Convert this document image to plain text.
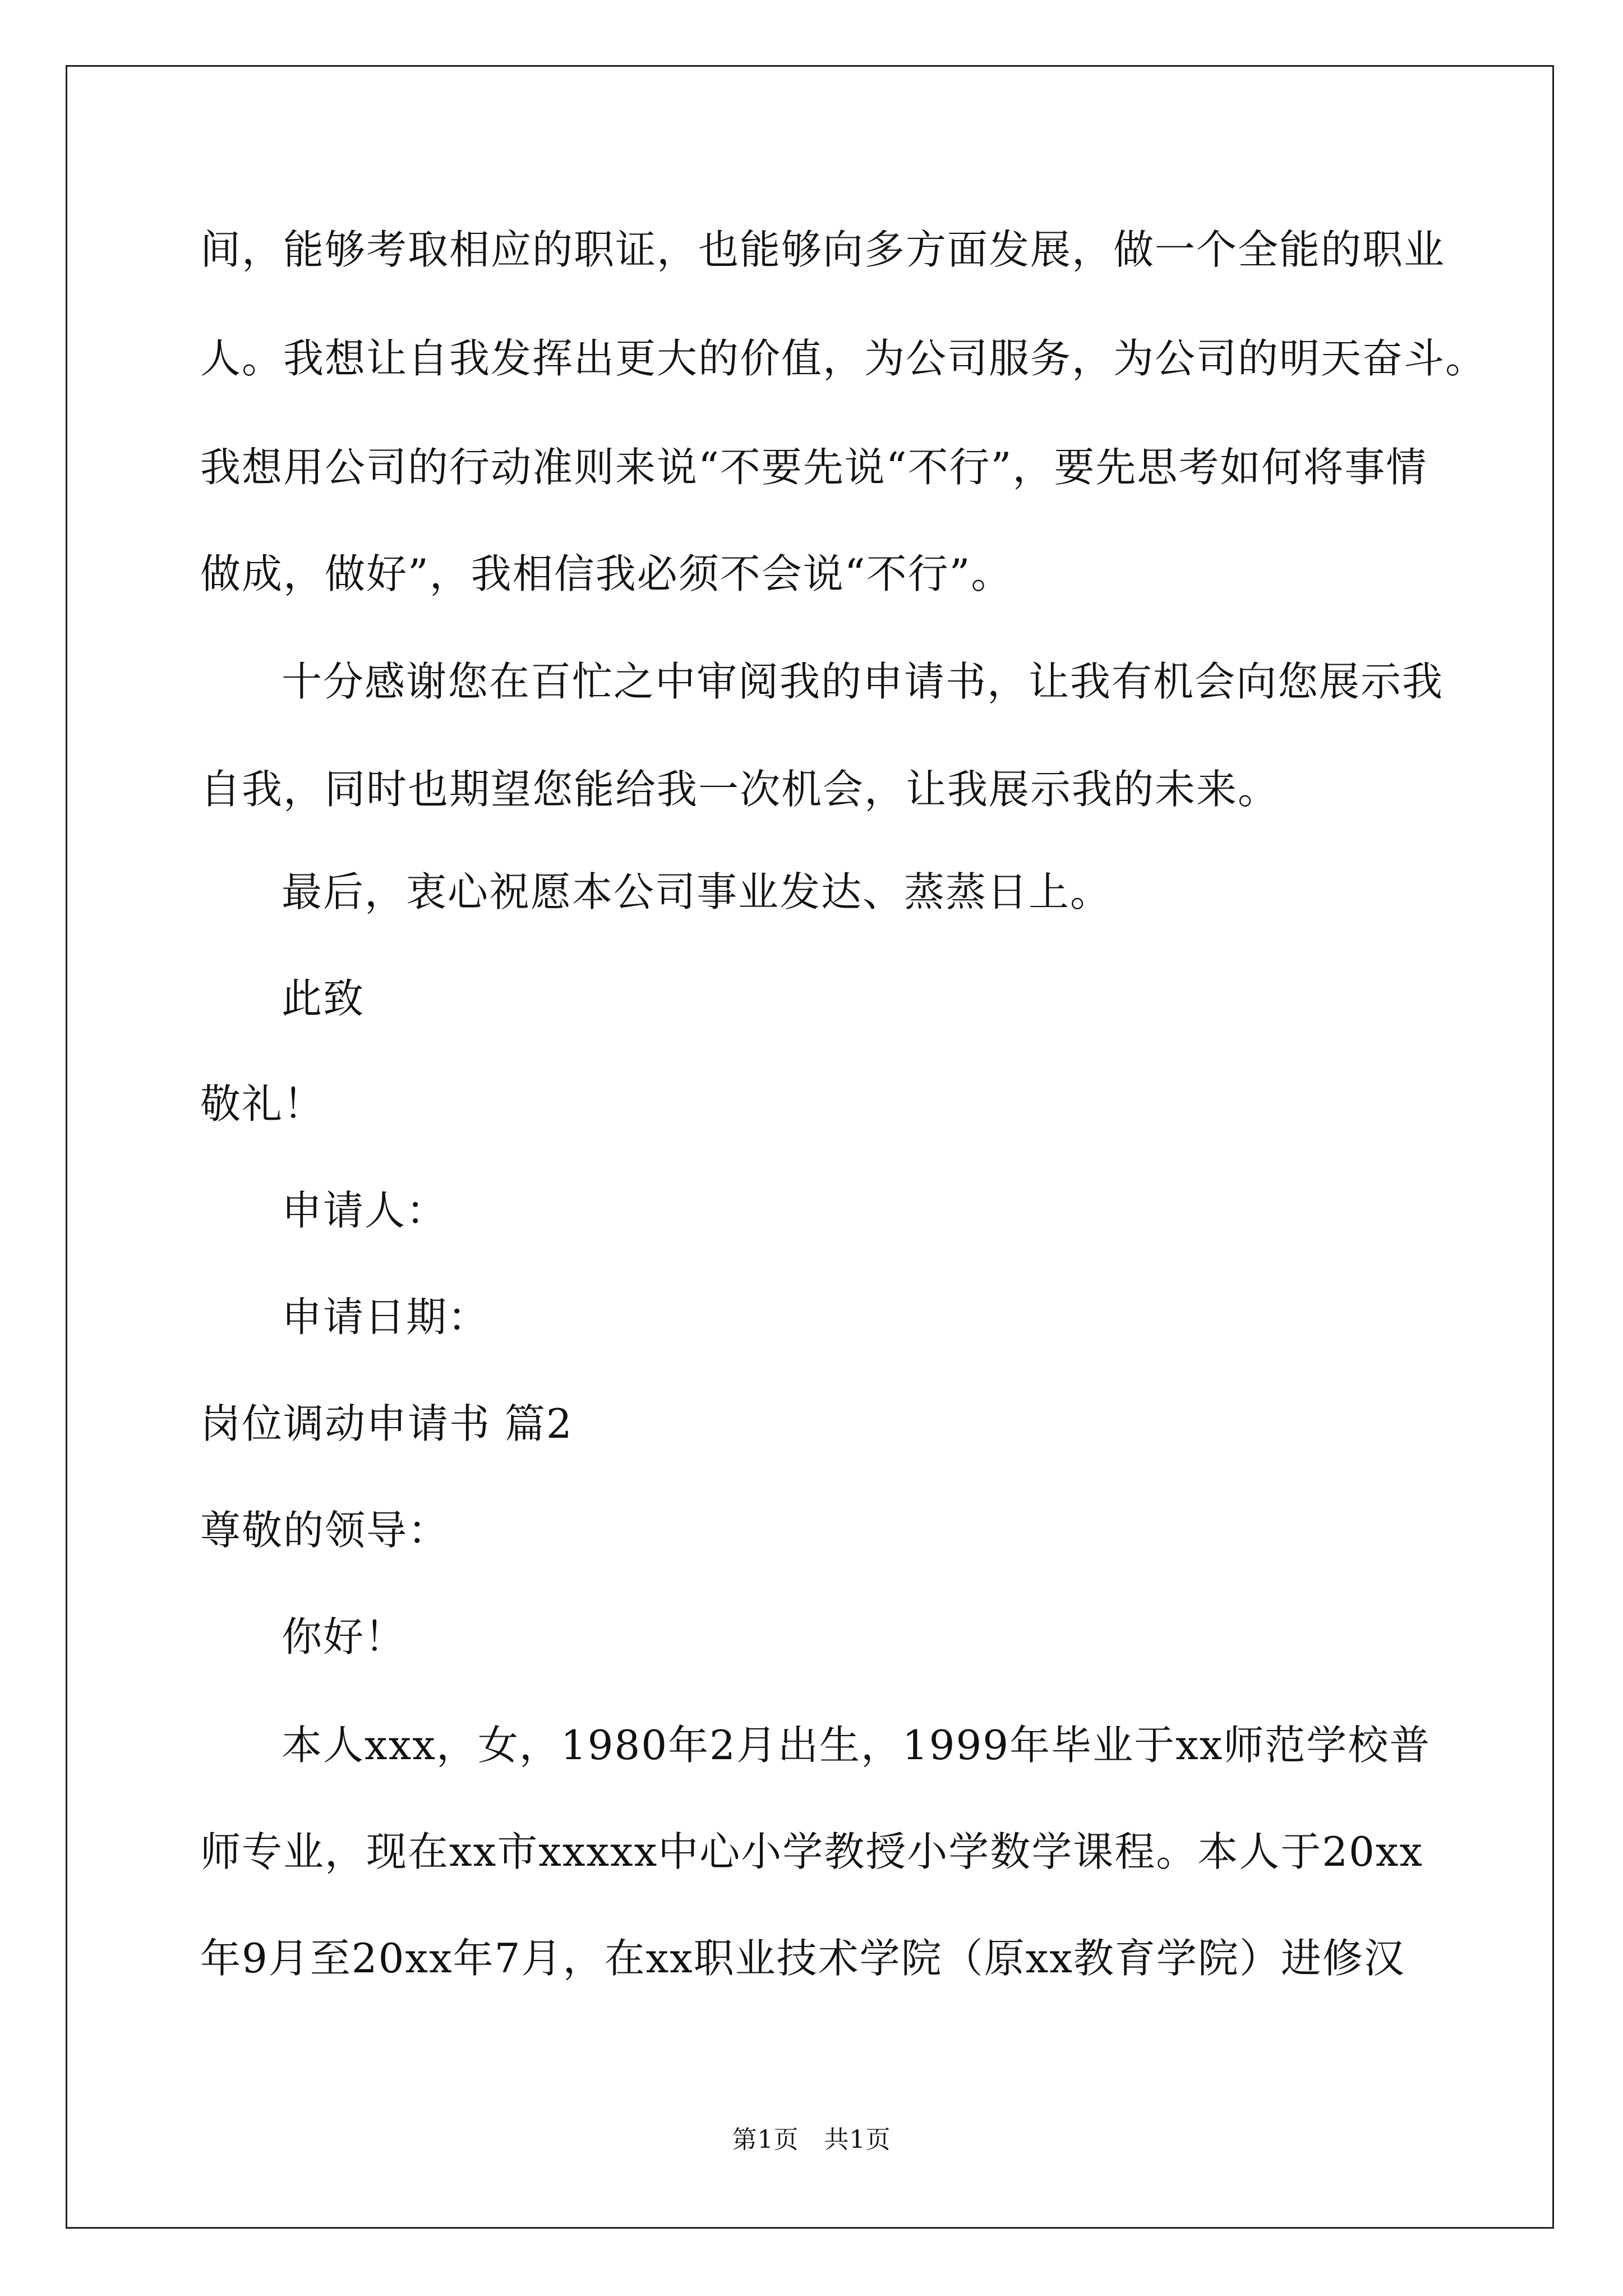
间，能够考取相应的职证，也能够向多方面发展，做一个全能的职业
人。我想让自我发挥出更大的价值，为公司服务，为公司的明天奋斗。
我想用公司的行动准则来说“不要先说“不行”，要先思考如何将事情
做成，做好”，我相信我必须不会说“不行”。
十分感谢您在百忙之中审阅我的申请书，让我有机会向您展示我
自我，同时也期望您能给我一次机会，让我展示我的未来。
最后，衷心祝愿本公司事业发达、蒸蒸日上。
此致
敬礼！
申请人：
申请日期：
岗位调动申请书 篇2
尊敬的领导：
你好！
本人xxx，女，1980年2月出生，1999年毕业于xx师范学校普
师专业，现在xx市xxxxx中心小学教授小学数学课程。本人于20xx
年9月至20xx年7月，在xx职业技术学院（原xx教育学院）进修汉
第1页　共1页
